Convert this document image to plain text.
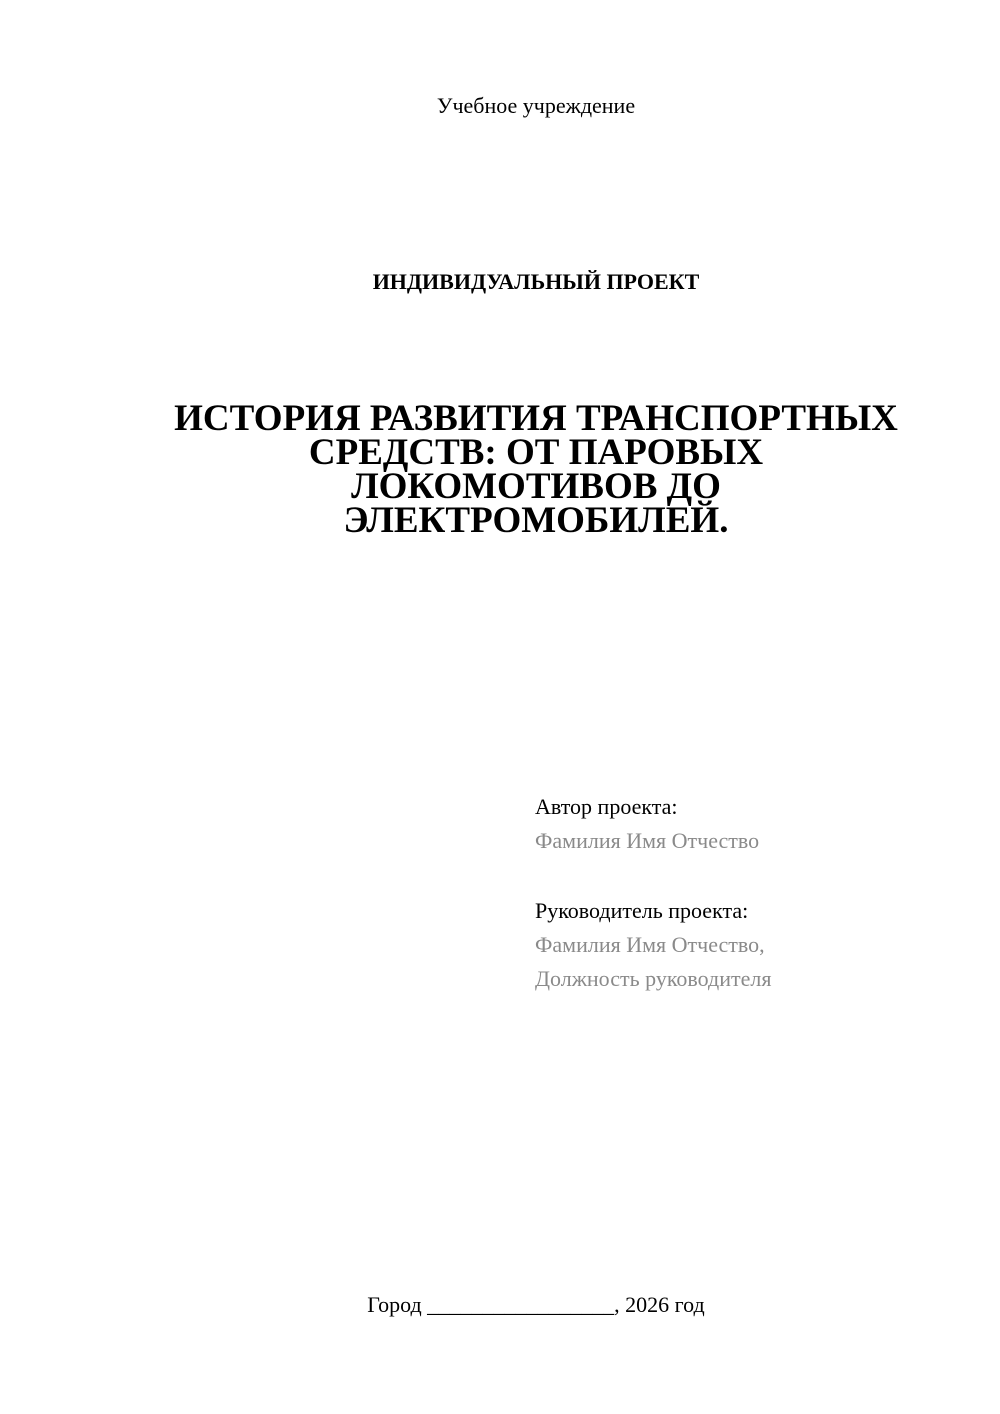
Учебное учреждение
ИНДИВИДУАЛЬНЫЙ ПРОЕКТ
ИСТОРИЯ РАЗВИТИЯ ТРАНСПОРТНЫХ
СРЕДСТВ: ОТ ПАРОВЫХ
ЛОКОМОТИВОВ ДО
ЭЛЕКТРОМОБИЛЕЙ.
Автор проекта:
Фамилия Имя Отчество
Руководитель проекта:
Фамилия Имя Отчество,
Должность руководителя
Город _________________, 2026 год
